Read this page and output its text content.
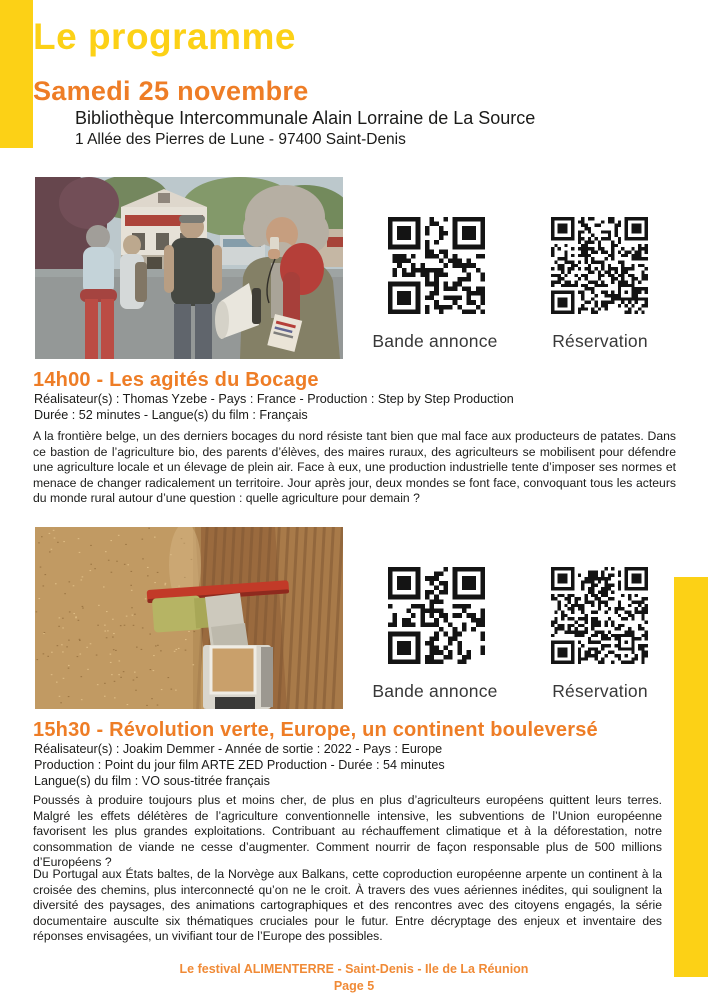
Le programme
Samedi 25 novembre
Bibliothèque Intercommunale Alain Lorraine de La Source
1 Allée des Pierres de Lune - 97400 Saint-Denis
Bande annonce	Réservation
14h00 - Les agités du Bocage
Réalisateur(s) : Thomas Yzebe - Pays : France - Production : Step by Step Production
Durée : 52 minutes - Langue(s) du film : Français

A la frontière belge, un des derniers bocages du nord résiste tant bien que mal face aux producteurs de patates. Dans ce bastion de l’agriculture bio, des parents d’élèves, des maires ruraux, des agriculteurs se mobilisent pour défendre une agriculture locale et un élevage de plein air. Face à eux, une production industrielle tente d’imposer ses normes et menace de changer radicalement un territoire. Jour après jour, deux mondes se font face, convoquant tous les acteurs du monde rural autour d’une question : quelle agriculture pour demain ?

Bande annonce	Réservation
15h30 - Révolution verte, Europe, un continent bouleversé
Réalisateur(s) : Joakim Demmer - Année de sortie : 2022 - Pays : Europe
Production : Point du jour film ARTE ZED Production - Durée : 54 minutes
Langue(s) du film : VO sous-titrée français

Poussés à produire toujours plus et moins cher, de plus en plus d’agriculteurs européens quittent leurs terres. Malgré les effets délétères de l’agriculture conventionnelle intensive, les subventions de l’Union européenne favorisent les plus grandes exploitations. Contribuant au réchauffement climatique et à la déforestation, notre consommation de viande ne cesse d’augmenter. Comment nourrir de façon responsable plus de 500 millions d’Européens ?

Du Portugal aux États baltes, de la Norvège aux Balkans, cette coproduction européenne arpente un continent à la croisée des chemins, plus interconnecté qu’on ne le croit. À travers des vues aériennes inédites, qui soulignent la diversité des paysages, des animations cartographiques et des rencontres avec des citoyens engagés, la série documentaire ausculte six thématiques cruciales pour le futur. Entre décryptage des enjeux et inventaire des réponses envisagées, un vivifiant tour de l’Europe des possibles.

Le festival ALIMENTERRE - Saint-Denis - Ile de La Réunion
Page 5
